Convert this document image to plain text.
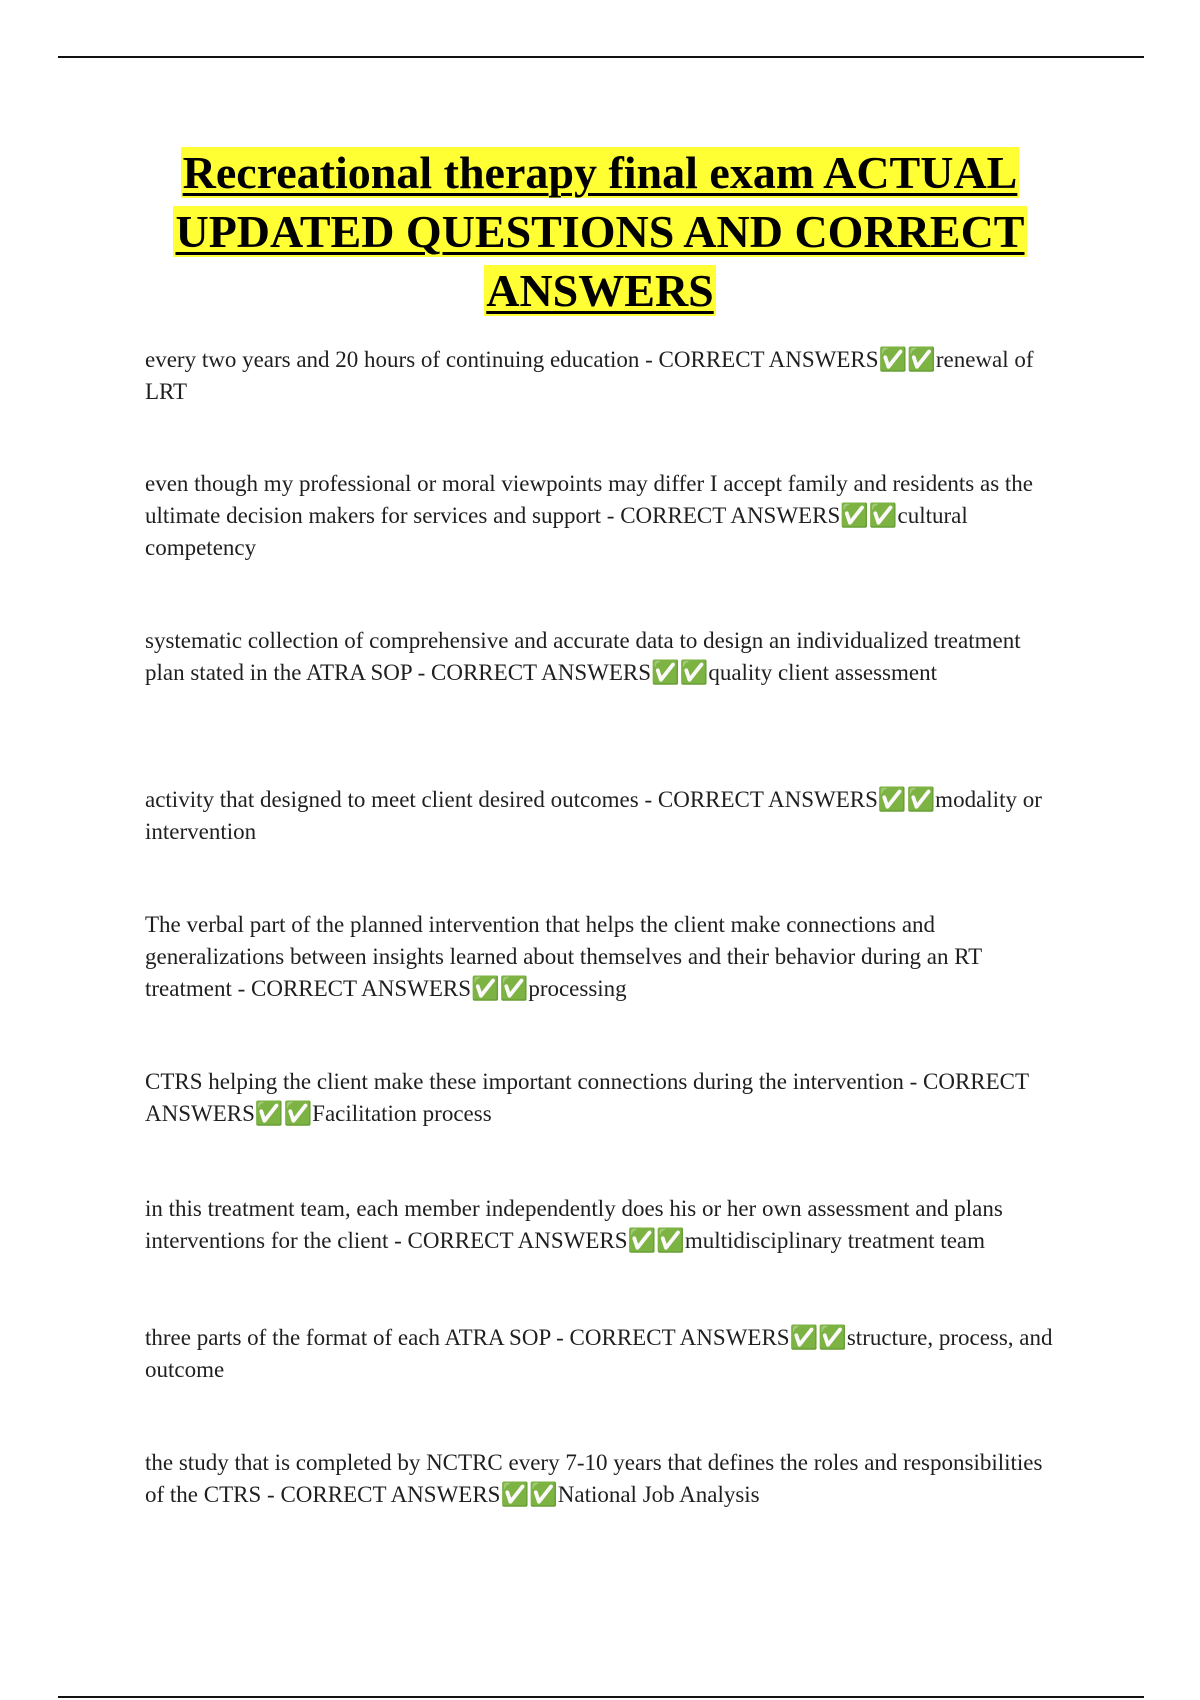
Recreational therapy final exam ACTUAL
UPDATED QUESTIONS AND CORRECT
ANSWERS

every two years and 20 hours of continuing education - CORRECT ANSWERS✅✅renewal of LRT

even though my professional or moral viewpoints may differ I accept family and residents as the ultimate decision makers for services and support - CORRECT ANSWERS✅✅cultural competency

systematic collection of comprehensive and accurate data to design an individualized treatment plan stated in the ATRA SOP - CORRECT ANSWERS✅✅quality client assessment

activity that designed to meet client desired outcomes - CORRECT ANSWERS✅✅modality or intervention

The verbal part of the planned intervention that helps the client make connections and generalizations between insights learned about themselves and their behavior during an RT treatment - CORRECT ANSWERS✅✅processing

CTRS helping the client make these important connections during the intervention - CORRECT ANSWERS✅✅Facilitation process

in this treatment team, each member independently does his or her own assessment and plans interventions for the client - CORRECT ANSWERS✅✅multidisciplinary treatment team

three parts of the format of each ATRA SOP - CORRECT ANSWERS✅✅structure, process, and outcome

the study that is completed by NCTRC every 7-10 years that defines the roles and responsibilities of the CTRS - CORRECT ANSWERS✅✅National Job Analysis
